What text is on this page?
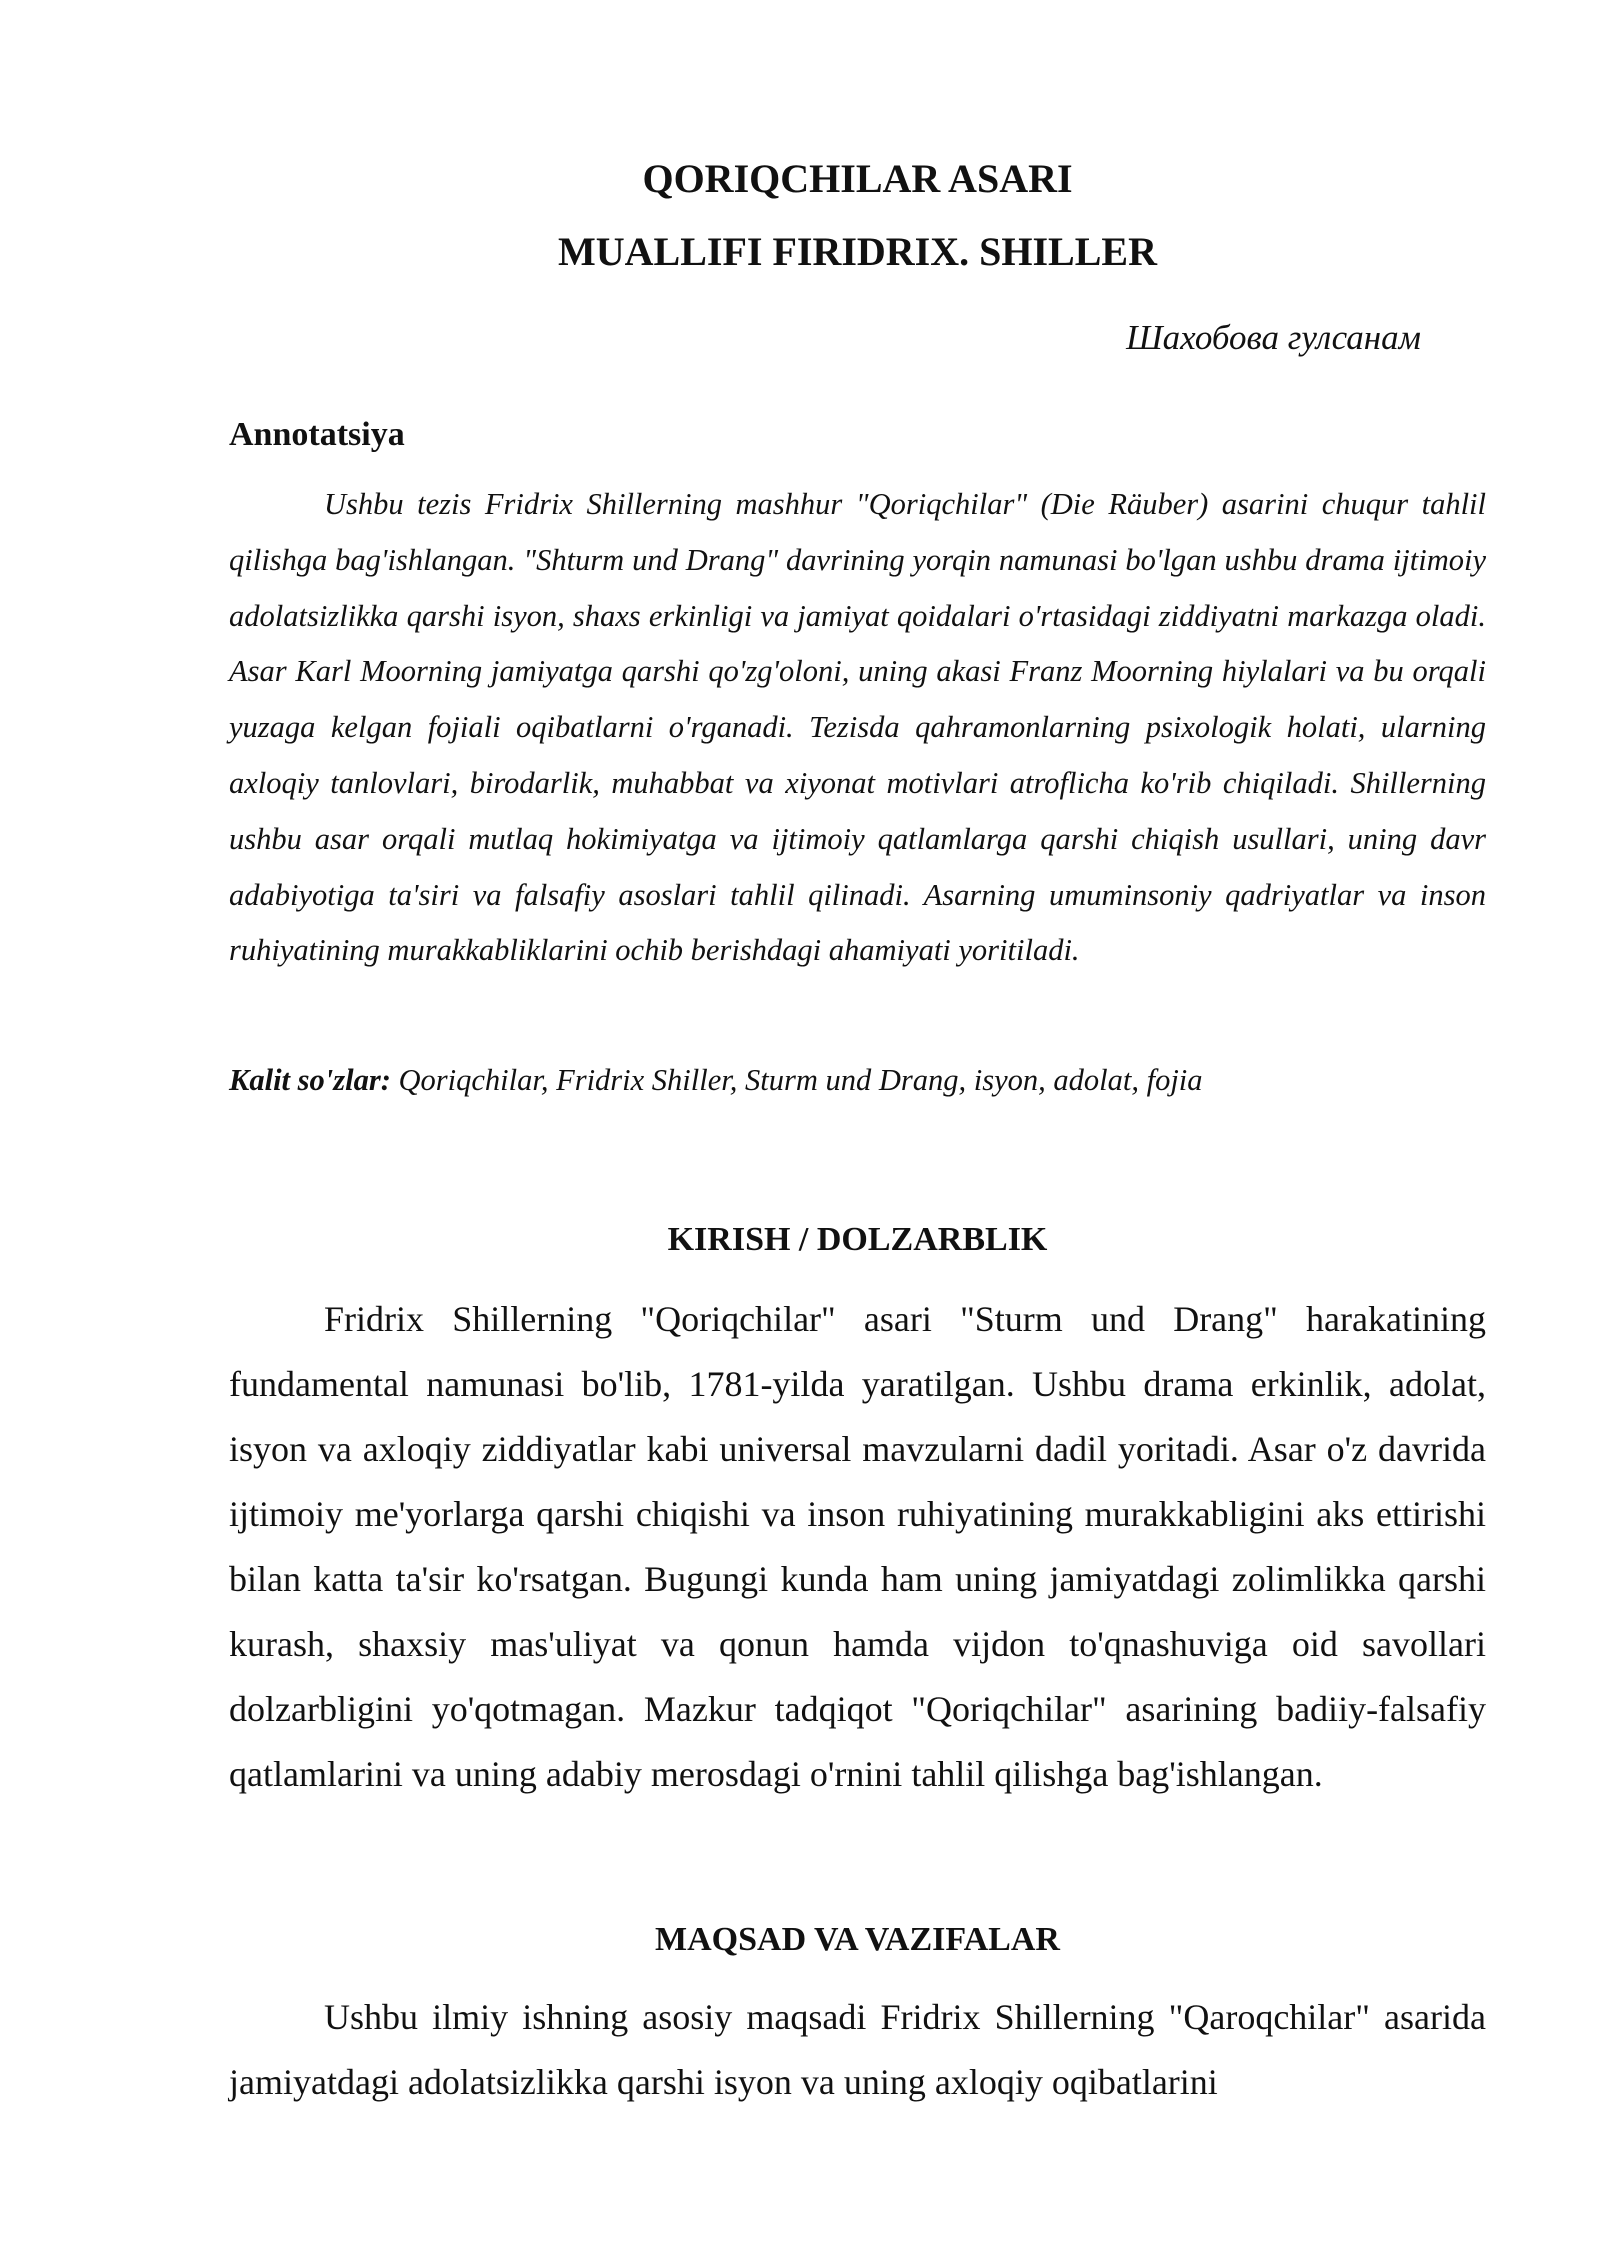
QORIQCHILAR ASARI
MUALLIFI FIRIDRIX. SHILLER

Шахобова гулсанам

Annotatsiya

Ushbu tezis Fridrix Shillerning mashhur "Qoriqchilar" (Die Räuber) asarini chuqur tahlil qilishga bag'ishlangan. "Shturm und Drang" davrining yorqin namunasi bo'lgan ushbu drama ijtimoiy adolatsizlikka qarshi isyon, shaxs erkinligi va jamiyat qoidalari o'rtasidagi ziddiyatni markazga oladi. Asar Karl Moorning jamiyatga qarshi qo'zg'oloni, uning akasi Franz Moorning hiylalari va bu orqali yuzaga kelgan fojiali oqibatlarni o'rganadi. Tezisda qahramonlarning psixologik holati, ularning axloqiy tanlovlari, birodarlik, muhabbat va xiyonat motivlari atroflicha ko'rib chiqiladi. Shillerning ushbu asar orqali mutlaq hokimiyatga va ijtimoiy qatlamlarga qarshi chiqish usullari, uning davr adabiyotiga ta'siri va falsafiy asoslari tahlil qilinadi. Asarning umuminsoniy qadriyatlar va inson ruhiyatining murakkabliklarini ochib berishdagi ahamiyati yoritiladi.

Kalit so'zlar: Qoriqchilar, Fridrix Shiller, Sturm und Drang, isyon, adolat, fojia

KIRISH / DOLZARBLIK

Fridrix Shillerning "Qoriqchilar" asari "Sturm und Drang" harakatining fundamental namunasi bo'lib, 1781-yilda yaratilgan. Ushbu drama erkinlik, adolat, isyon va axloqiy ziddiyatlar kabi universal mavzularni dadil yoritadi. Asar o'z davrida ijtimoiy me'yorlarga qarshi chiqishi va inson ruhiyatining murakkabligini aks ettirishi bilan katta ta'sir ko'rsatgan. Bugungi kunda ham uning jamiyatdagi zolimlikka qarshi kurash, shaxsiy mas'uliyat va qonun hamda vijdon to'qnashuviga oid savollari dolzarbligini yo'qotmagan. Mazkur tadqiqot "Qoriqchilar" asarining badiiy-falsafiy qatlamlarini va uning adabiy merosdagi o'rnini tahlil qilishga bag'ishlangan.

MAQSAD VA VAZIFALAR

Ushbu ilmiy ishning asosiy maqsadi Fridrix Shillerning "Qaroqchilar" asarida jamiyatdagi adolatsizlikka qarshi isyon va uning axloqiy oqibatlarini
